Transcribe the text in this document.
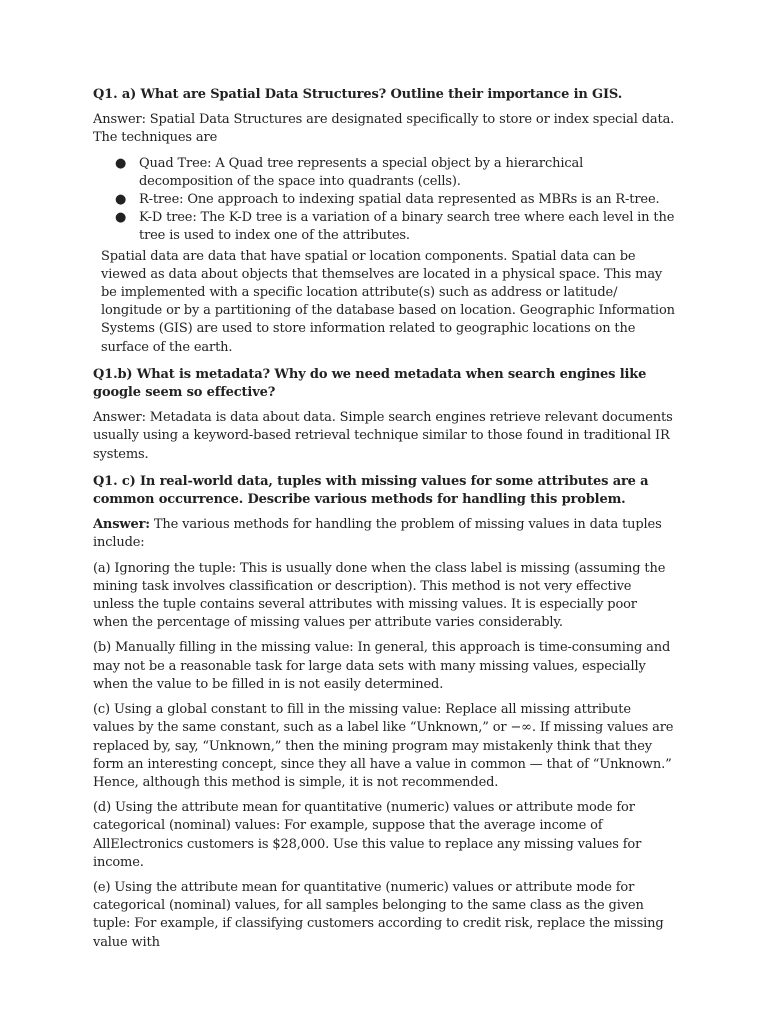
Q1. a) What are Spatial Data Structures? Outline their importance in GIS.

Answer: Spatial Data Structures are designated specifically to store or index special data. The techniques are

● Quad Tree: A Quad tree represents a special object by a hierarchical decomposition of the space into quadrants (cells).
● R-tree: One approach to indexing spatial data represented as MBRs is an R-tree.
● K-D tree: The K-D tree is a variation of a binary search tree where each level in the tree is used to index one of the attributes.

Spatial data are data that have spatial or location components. Spatial data can be viewed as data about objects that themselves are located in a physical space. This may be implemented with a specific location attribute(s) such as address or latitude/ longitude or by a partitioning of the database based on location. Geographic Information Systems (GIS) are used to store information related to geographic locations on the surface of the earth.

Q1.b) What is metadata? Why do we need metadata when search engines like google seem so effective?

Answer: Metadata is data about data. Simple search engines retrieve relevant documents usually using a keyword-based retrieval technique similar to those found in traditional IR systems.

Q1. c) In real-world data, tuples with missing values for some attributes are a common occurrence. Describe various methods for handling this problem.

Answer: The various methods for handling the problem of missing values in data tuples include:

(a) Ignoring the tuple: This is usually done when the class label is missing (assuming the mining task involves classification or description). This method is not very effective unless the tuple contains several attributes with missing values. It is especially poor when the percentage of missing values per attribute varies considerably.

(b) Manually filling in the missing value: In general, this approach is time-consuming and may not be a reasonable task for large data sets with many missing values, especially when the value to be filled in is not easily determined.

(c) Using a global constant to fill in the missing value: Replace all missing attribute values by the same constant, such as a label like “Unknown,” or −∞. If missing values are replaced by, say, “Unknown,” then the mining program may mistakenly think that they form an interesting concept, since they all have a value in common — that of “Unknown.” Hence, although this method is simple, it is not recommended.

(d) Using the attribute mean for quantitative (numeric) values or attribute mode for categorical (nominal) values: For example, suppose that the average income of AllElectronics customers is $28,000. Use this value to replace any missing values for income.

(e) Using the attribute mean for quantitative (numeric) values or attribute mode for categorical (nominal) values, for all samples belonging to the same class as the given tuple: For example, if classifying customers according to credit risk, replace the missing value with
